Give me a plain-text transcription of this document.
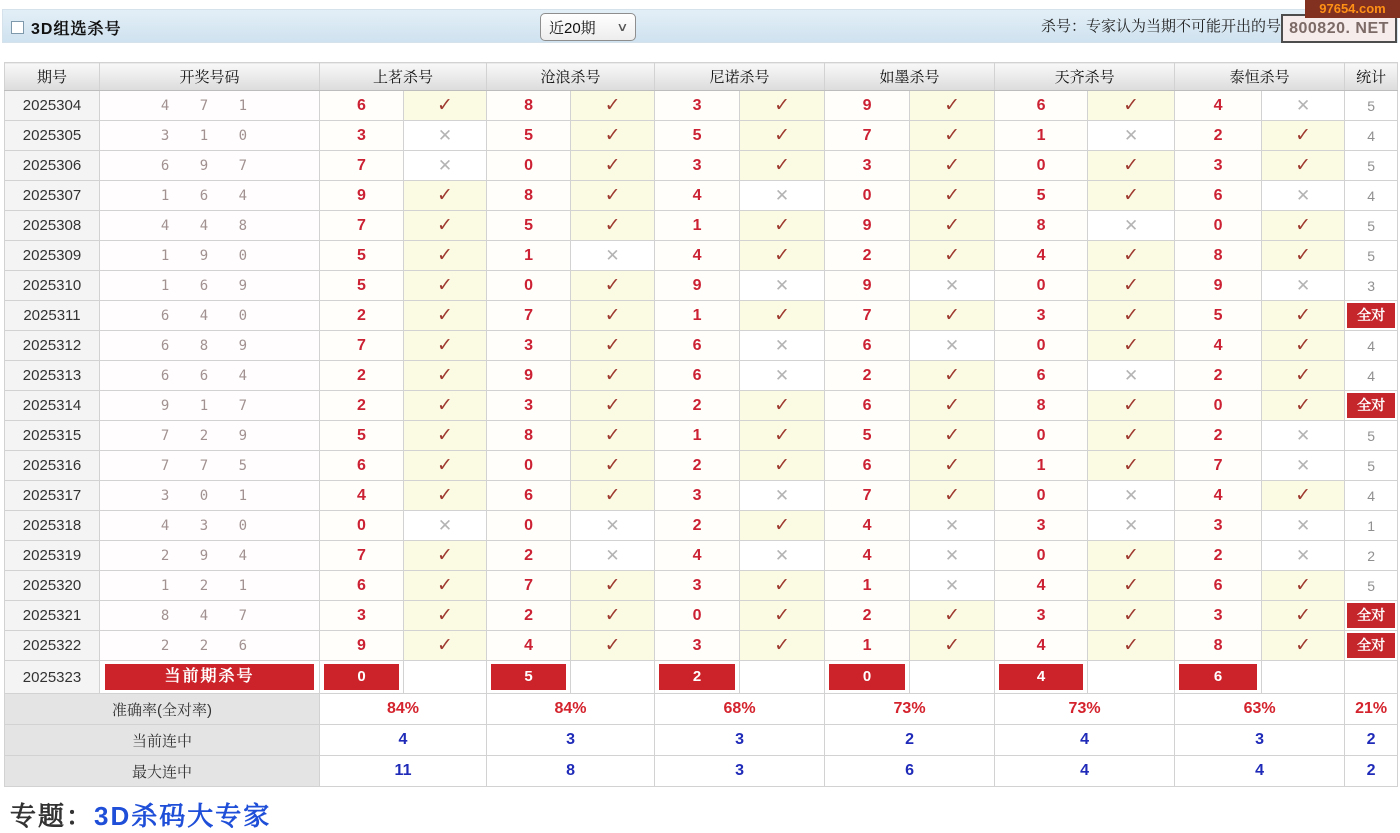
3D组选杀号	近20期 ∨	杀号：专家认为当期不可能开出的号
97654.com
800820. NET
期号	开奖号码	上茗杀号		沧浪杀号		尼诺杀号		如墨杀号		天齐杀号		泰恒杀号		统计
2025304	4 7 1	6	✓	8	✓	3	✓	9	✓	6	✓	4	✕	5
2025305	3 1 0	3	✕	5	✓	5	✓	7	✓	1	✕	2	✓	4
2025306	6 9 7	7	✕	0	✓	3	✓	3	✓	0	✓	3	✓	5
2025307	1 6 4	9	✓	8	✓	4	✕	0	✓	5	✓	6	✕	4
2025308	4 4 8	7	✓	5	✓	1	✓	9	✓	8	✕	0	✓	5
2025309	1 9 0	5	✓	1	✕	4	✓	2	✓	4	✓	8	✓	5
2025310	1 6 9	5	✓	0	✓	9	✕	9	✕	0	✓	9	✕	3
2025311	6 4 0	2	✓	7	✓	1	✓	7	✓	3	✓	5	✓	全对

2025312	6 8 9	7	✓	3	✓	6	✕	6	✕	0	✓	4	✓	4
2025313	6 6 4	2	✓	9	✓	6	✕	2	✓	6	✕	2	✓	4
2025314	9 1 7	2	✓	3	✓	2	✓	6	✓	8	✓	0	✓	全对

2025315	7 2 9	5	✓	8	✓	1	✓	5	✓	0	✓	2	✕	5
2025316	7 7 5	6	✓	0	✓	2	✓	6	✓	1	✓	7	✕	5
2025317	3 0 1	4	✓	6	✓	3	✕	7	✓	0	✕	4	✓	4
2025318	4 3 0	0	✕	0	✕	2	✓	4	✕	3	✕	3	✕	1
2025319	2 9 4	7	✓	2	✕	4	✕	4	✕	0	✓	2	✕	2
2025320	1 2 1	6	✓	7	✓	3	✓	1	✕	4	✓	6	✓	5
2025321	8 4 7	3	✓	2	✓	0	✓	2	✓	3	✓	3	✓	全对

2025322	2 2 6	9	✓	4	✓	3	✓	1	✓	4	✓	8	✓	全对

2025323	当前期杀号	0		5		2		0		4		6		

准确率(全对率)		84%		84%		68%		73%		73%		63%		21%
当前连中		4		3		3		2		4		3		2
最大连中		11		8		3		6		4		4		2
专题：3D杀码大专家
